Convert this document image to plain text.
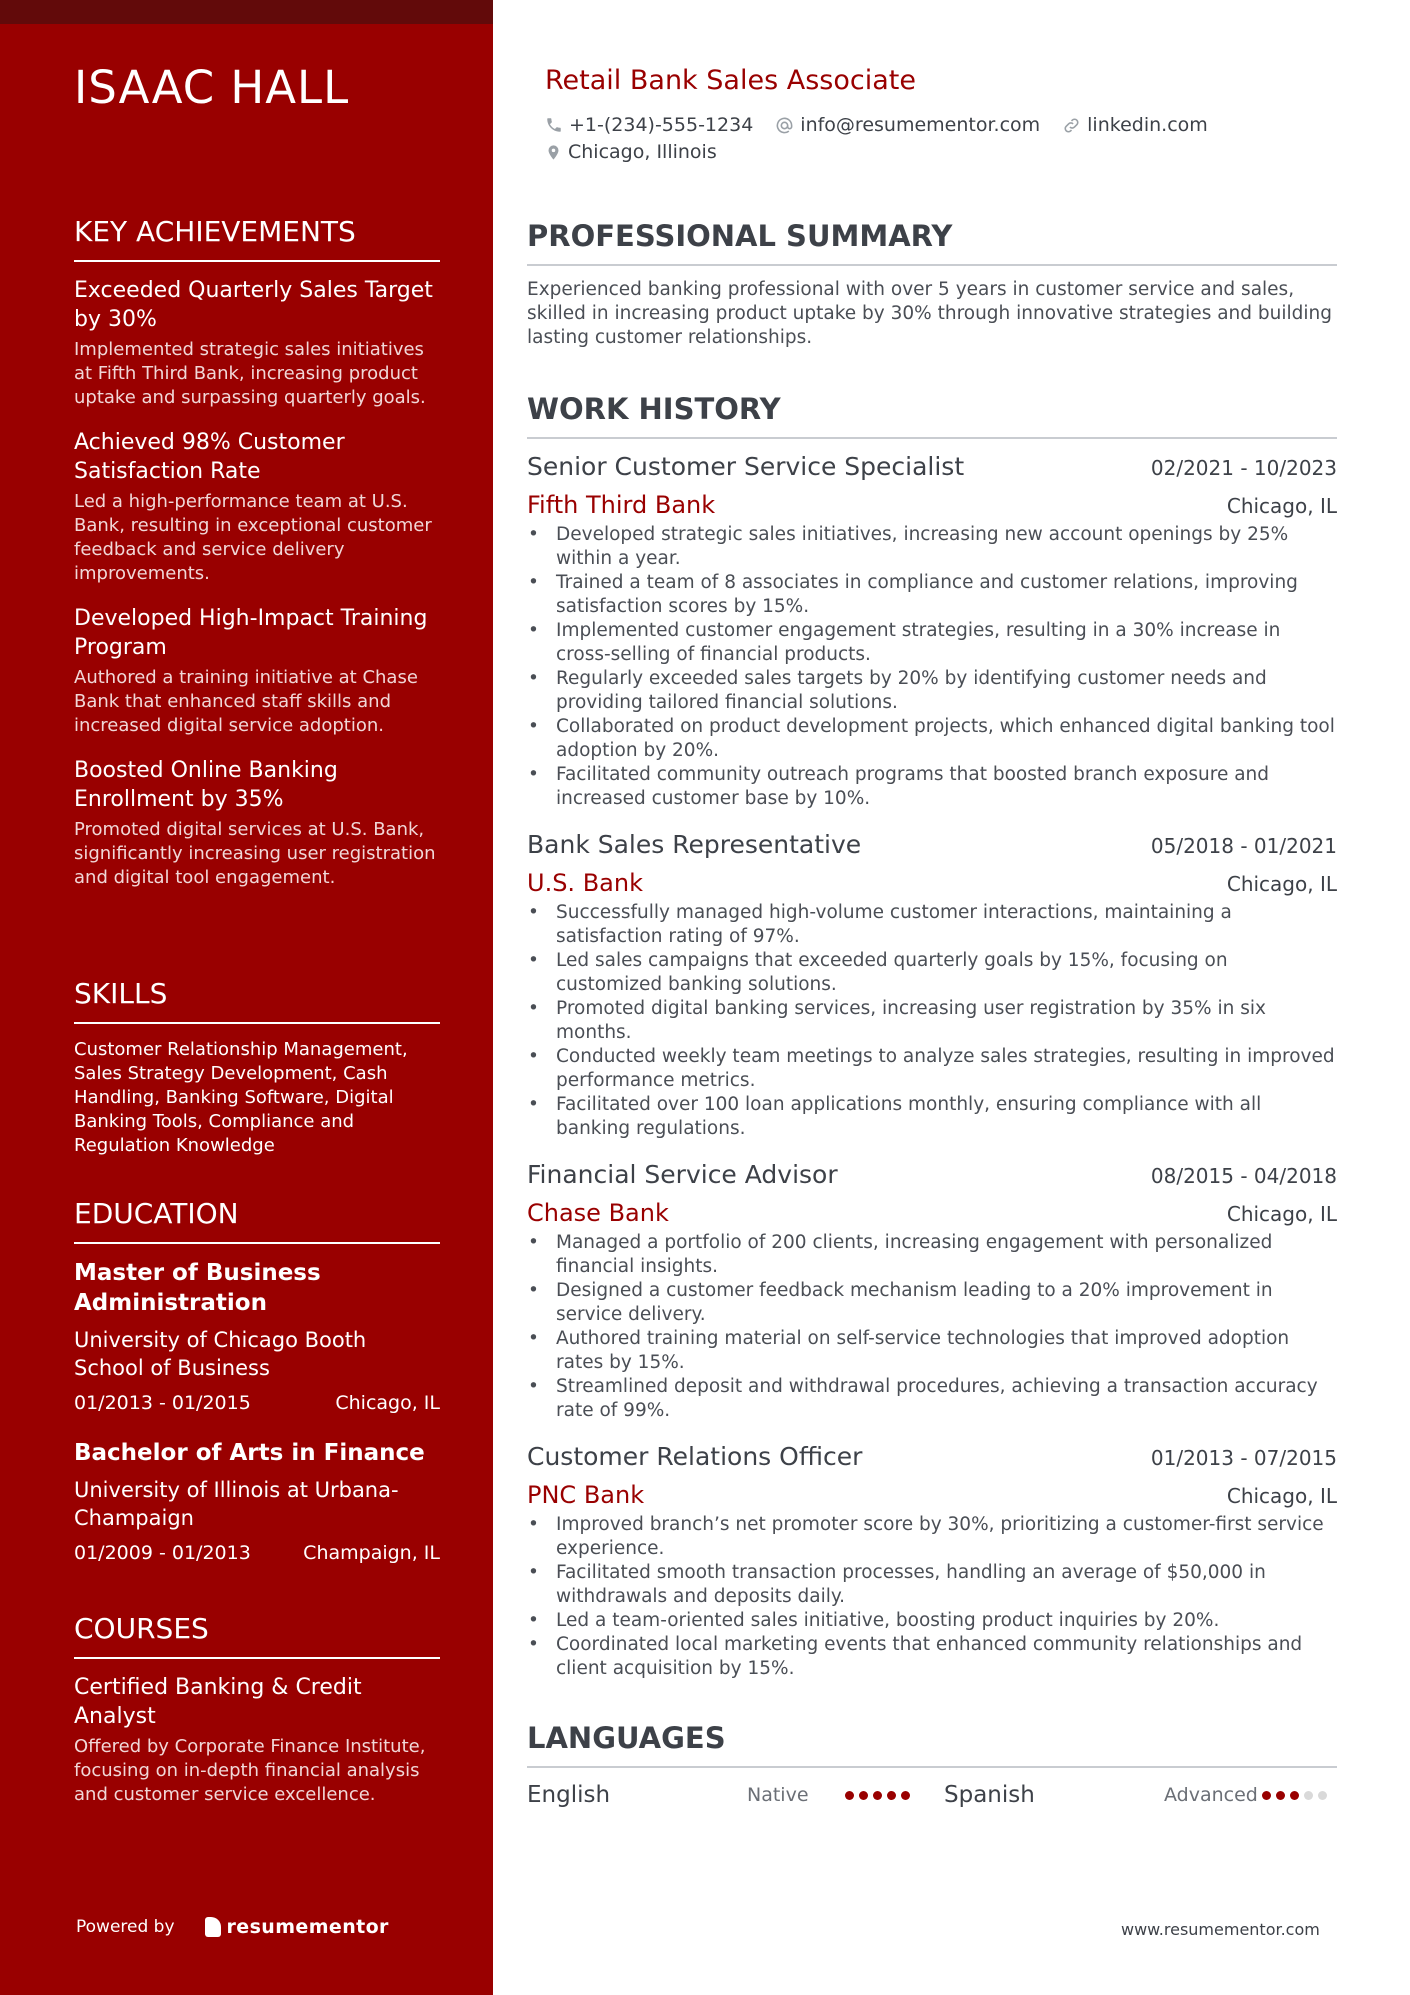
ISAAC HALL
KEY ACHIEVEMENTS
Exceeded Quarterly Sales Target by 30%
Implemented strategic sales initiatives at Fifth Third Bank, increasing product uptake and surpassing quarterly goals.
Achieved 98% Customer Satisfaction Rate
Led a high-performance team at U.S. Bank, resulting in exceptional customer feedback and service delivery improvements.
Developed High-Impact Training Program
Authored a training initiative at Chase Bank that enhanced staff skills and increased digital service adoption.
Boosted Online Banking Enrollment by 35%
Promoted digital services at U.S. Bank, significantly increasing user registration and digital tool engagement.
SKILLS

Customer Relationship Management, Sales Strategy Development, Cash Handling, Banking Software, Digital Banking Tools, Compliance and Regulation Knowledge

EDUCATION
Master of Business Administration
University of Chicago Booth School of Business
01/2013 - 01/2015	Chicago, IL
Bachelor of Arts in Finance
University of Illinois at Urbana-Champaign
01/2009 - 01/2013	Champaign, IL
COURSES
Certified Banking & Credit Analyst
Offered by Corporate Finance Institute, focusing on in-depth financial analysis and customer service excellence.
Powered by	resumementor
Retail Bank Sales Associate
+1-(234)-555-1234 info@resumementor.com linkedin.com
Chicago, Illinois
PROFESSIONAL SUMMARY

Experienced banking professional with over 5 years in customer service and sales, skilled in increasing product uptake by 30% through innovative strategies and building lasting customer relationships.

WORK HISTORY
Senior Customer Service Specialist	02/2021 - 10/2023
Fifth Third Bank	Chicago, IL
• Developed strategic sales initiatives, increasing new account openings by 25% within a year.
• Trained a team of 8 associates in compliance and customer relations, improving satisfaction scores by 15%.
• Implemented customer engagement strategies, resulting in a 30% increase in cross-selling of financial products.
• Regularly exceeded sales targets by 20% by identifying customer needs and providing tailored financial solutions.
• Collaborated on product development projects, which enhanced digital banking tool adoption by 20%.
• Facilitated community outreach programs that boosted branch exposure and increased customer base by 10%.
Bank Sales Representative	05/2018 - 01/2021
U.S. Bank	Chicago, IL
• Successfully managed high-volume customer interactions, maintaining a satisfaction rating of 97%.
• Led sales campaigns that exceeded quarterly goals by 15%, focusing on customized banking solutions.
• Promoted digital banking services, increasing user registration by 35% in six months.
• Conducted weekly team meetings to analyze sales strategies, resulting in improved performance metrics.
• Facilitated over 100 loan applications monthly, ensuring compliance with all banking regulations.
Financial Service Advisor	08/2015 - 04/2018
Chase Bank	Chicago, IL
• Managed a portfolio of 200 clients, increasing engagement with personalized financial insights.
• Designed a customer feedback mechanism leading to a 20% improvement in service delivery.
• Authored training material on self-service technologies that improved adoption rates by 15%.
• Streamlined deposit and withdrawal procedures, achieving a transaction accuracy rate of 99%.
Customer Relations Officer	01/2013 - 07/2015
PNC Bank	Chicago, IL
• Improved branch’s net promoter score by 30%, prioritizing a customer-first service experience.
• Facilitated smooth transaction processes, handling an average of $50,000 in withdrawals and deposits daily.
• Led a team-oriented sales initiative, boosting product inquiries by 20%.
• Coordinated local marketing events that enhanced community relationships and client acquisition by 15%.
LANGUAGES
English	Native	Spanish	Advanced
www.resumementor.com
